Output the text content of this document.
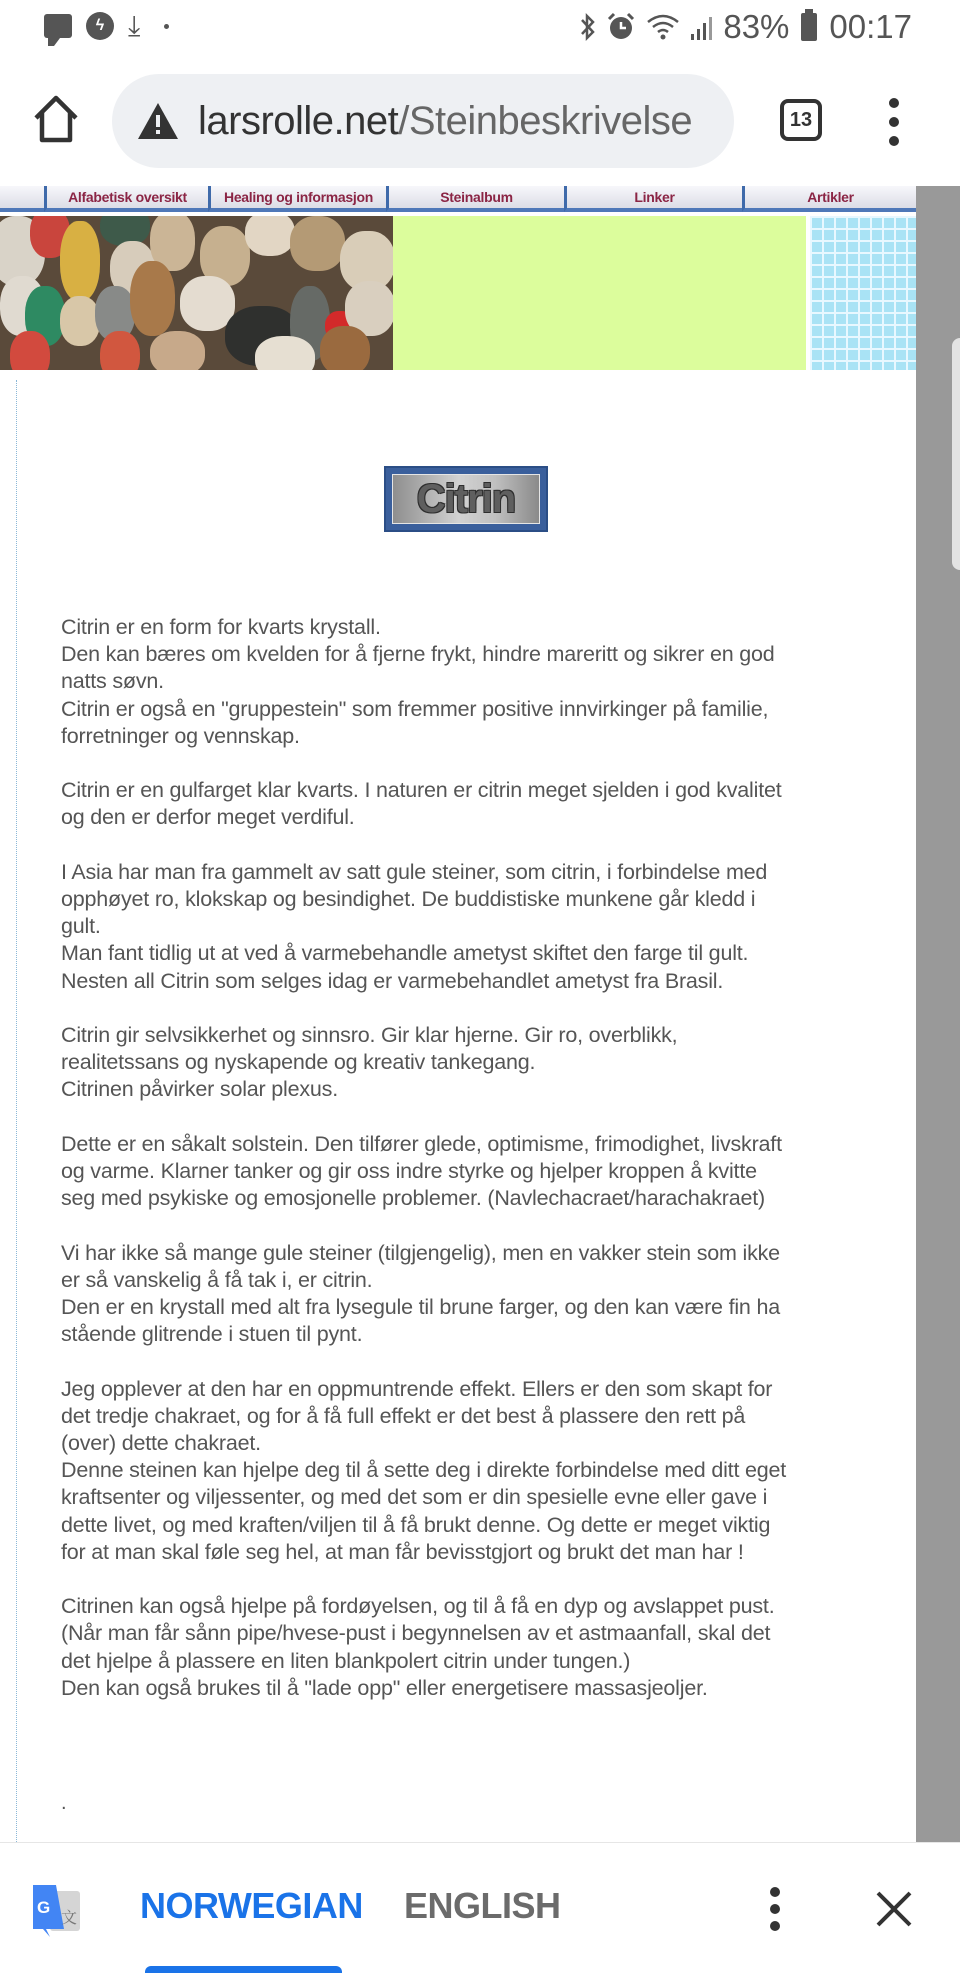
ϟ ⤓	83% 00:17
larsrolle.net/Steinbeskrivelse	13
Alfabetisk oversikt	Healing og informasjon	Steinalbum	Linker	Artikler
Citrin
Citrin er en form for kvarts krystall.
Den kan bæres om kvelden for å fjerne frykt, hindre mareritt og sikrer en god
natts søvn.
Citrin er også en "gruppestein" som fremmer positive innvirkinger på familie,
forretninger og vennskap.
Citrin er en gulfarget klar kvarts. I naturen er citrin meget sjelden i god kvalitet
og den er derfor meget verdiful.
I Asia har man fra gammelt av satt gule steiner, som citrin, i forbindelse med
opphøyet ro, klokskap og besindighet. De buddistiske munkene går kledd i
gult.
Man fant tidlig ut at ved å varmebehandle ametyst skiftet den farge til gult.
Nesten all Citrin som selges idag er varmebehandlet ametyst fra Brasil.
Citrin gir selvsikkerhet og sinnsro. Gir klar hjerne. Gir ro, overblikk,
realitetssans og nyskapende og kreativ tankegang.
Citrinen påvirker solar plexus.
Dette er en såkalt solstein. Den tilfører glede, optimisme, frimodighet, livskraft
og varme. Klarner tanker og gir oss indre styrke og hjelper kroppen å kvitte
seg med psykiske og emosjonelle problemer. (Navlechacraet/harachakraet)
Vi har ikke så mange gule steiner (tilgjengelig), men en vakker stein som ikke
er så vanskelig å få tak i, er citrin.
Den er en krystall med alt fra lysegule til brune farger, og den kan være fin ha
stående glitrende i stuen til pynt.
Jeg opplever at den har en oppmuntrende effekt. Ellers er den som skapt for
det tredje chakraet, og for å få full effekt er det best å plassere den rett på
(over) dette chakraet.
Denne steinen kan hjelpe deg til å sette deg i direkte forbindelse med ditt eget
kraftsenter og viljessenter, og med det som er din spesielle evne eller gave i
dette livet, og med kraften/viljen til å få brukt denne. Og dette er meget viktig
for at man skal føle seg hel, at man får bevisstgjort og brukt det man har !
Citrinen kan også hjelpe på fordøyelsen, og til å få en dyp og avslappet pust.
(Når man får sånn pipe/hvese-pust i begynnelsen av et astmaanfall, skal det
det hjelpe å plassere en liten blankpolert citrin under tungen.)
Den kan også brukes til å "lade opp" eller energetisere massasjeoljer.
.
G
文 NORWEGIAN ENGLISH
